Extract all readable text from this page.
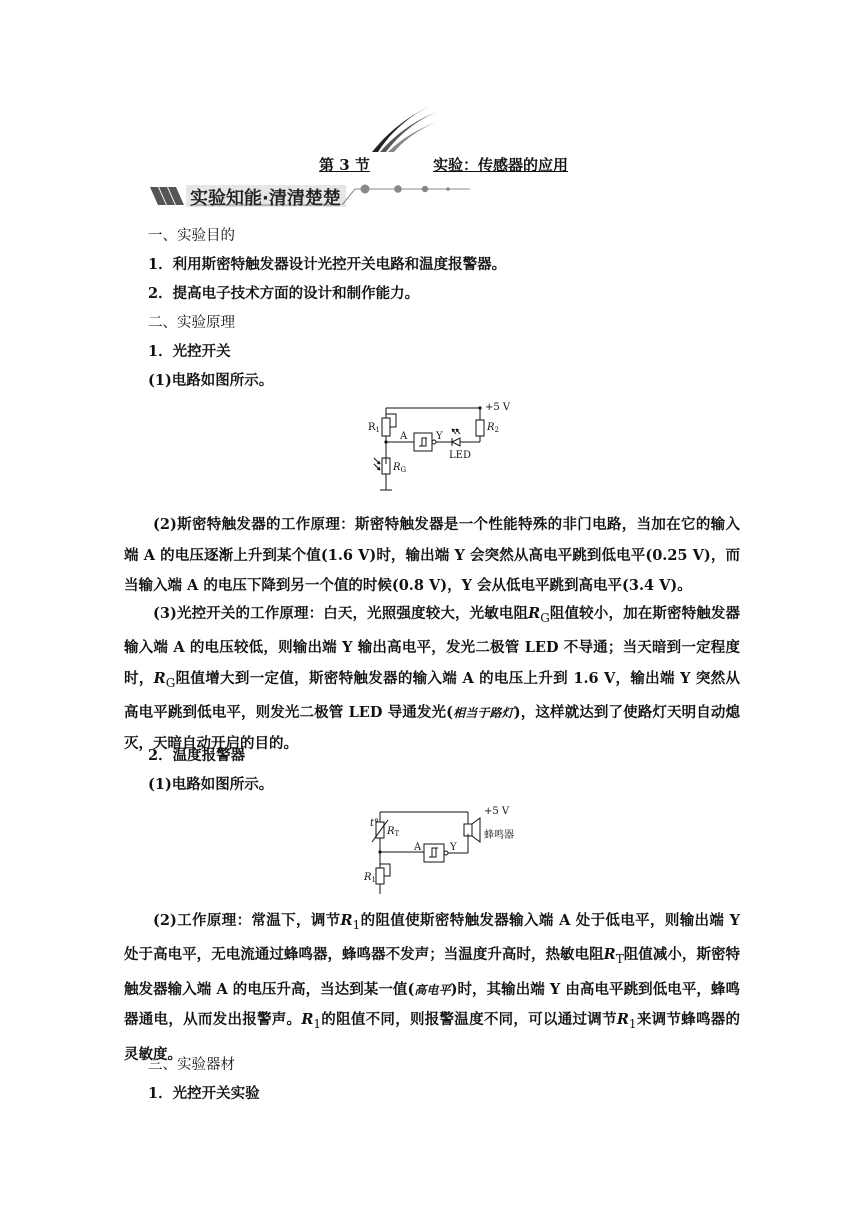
第 3 节	实验：传感器的应用
实验知能·清清楚楚
一、实验目的
1．利用斯密特触发器设计光控开关电路和温度报警器。
2．提高电子技术方面的设计和制作能力。
二、实验原理
1．光控开关
(1)电路如图所示。
$R_1$
A	Y
$R_2$
LED
$R_G$
+5 V
(2)斯密特触发器的工作原理：斯密特触发器是一个性能特殊的非门电路，当加在它的输入端 A 的电压逐渐上升到某个值(1.6 V)时，输出端 Y 会突然从高电平跳到低电平(0.25 V)，而当输入端 A 的电压下降到另一个值的时候(0.8 V)，Y 会从低电平跳到高电平(3.4 V)。
(3)光控开关的工作原理：白天，光照强度较大，光敏电阻$R_G$阻值较小，加在斯密特触发器输入端 A 的电压较低，则输出端 Y 输出高电平，发光二极管 LED 不导通；当天暗到一定程度时，$R_G$阻值增大到一定值，斯密特触发器的输入端 A 的电压上升到 1.6 V，输出端 Y 突然从高电平跳到低电平，则发光二极管 LED 导通发光(相当于路灯)，这样就达到了使路灯天明自动熄灭，天暗自动开启的目的。
2．温度报警器
(1)电路如图所示。
t°
$R_T$
A	Y
蜂鸣器
$R_1$
+5 V
(2)工作原理：常温下，调节$R_1$的阻值使斯密特触发器输入端 A 处于低电平，则输出端 Y 处于高电平，无电流通过蜂鸣器，蜂鸣器不发声；当温度升高时，热敏电阻$R_T$阻值减小，斯密特触发器输入端 A 的电压升高，当达到某一值(高电平)时，其输出端 Y 由高电平跳到低电平，蜂鸣器通电，从而发出报警声。$R_1$的阻值不同，则报警温度不同，可以通过调节$R_1$来调节蜂鸣器的灵敏度。
三、实验器材
1．光控开关实验
